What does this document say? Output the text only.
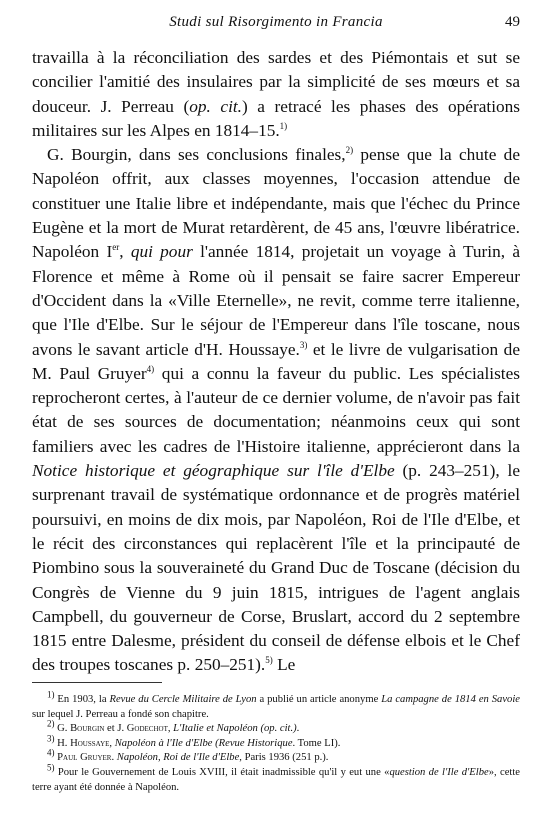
Studi sul Risorgimento in Francia	49

travailla à la réconciliation des sardes et des Piémontais et sut se concilier l'amitié des insulaires par la simplicité de ses mœurs et sa douceur. J. Perreau (op. cit.) a retracé les phases des opérations militaires sur les Alpes en 1814–15.$^{1)}$

G. Bourgin, dans ses conclusions finales,$^{2)}$ pense que la chute de Napoléon offrit, aux classes moyennes, l'occasion attendue de constituer une Italie libre et indépendante, mais que l'échec du Prince Eugène et la mort de Murat retardèrent, de 45 ans, l'œuvre libératrice. Napoléon Ier, qui pour l'année 1814, projetait un voyage à Turin, à Florence et même à Rome où il pensait se faire sacrer Empereur d'Occident dans la «Ville Eternelle», ne revit, comme terre italienne, que l'Ile d'Elbe. Sur le séjour de l'Empereur dans l'île toscane, nous avons le savant article d'H. Houssaye.$^{3)}$ et le livre de vulgarisation de M. Paul Gruyer$^{4)}$ qui a connu la faveur du public. Les spécialistes reprocheront certes, à l'auteur de ce dernier volume, de n'avoir pas fait état de ses sources de documentation; néanmoins ceux qui sont familiers avec les cadres de l'Histoire italienne, apprécieront dans la Notice historique et géographique sur l'île d'Elbe (p. 243–251), le surprenant travail de systématique ordonnance et de progrès matériel poursuivi, en moins de dix mois, par Napoléon, Roi de l'Ile d'Elbe, et le récit des circonstances qui replacèrent l'île et la principauté de Piombino sous la souveraineté du Grand Duc de Toscane (décision du Congrès de Vienne du 9 juin 1815, intrigues de l'agent anglais Campbell, du gouverneur de Corse, Bruslart, accord du 2 septembre 1815 entre Dalesme, président du conseil de défense elbois et le Chef des troupes toscanes p. 250–251).$^{5)}$ Le

$^{1)}$ En 1903, la Revue du Cercle Militaire de Lyon a publié un article anonyme La campagne de 1814 en Savoie sur lequel J. Perreau a fondé son chapitre.

$^{2)}$ G. Bourgin et J. Godechot, L'Italie et Napoléon (op. cit.).

$^{3)}$ H. Houssaye, Napoléon à l'Ile d'Elbe (Revue Historique. Tome LI).

$^{4)}$ Paul Gruyer. Napoléon, Roi de l'Ile d'Elbe, Paris 1936 (251 p.).

$^{5)}$ Pour le Gouvernement de Louis XVIII, il était inadmissible qu'il y eut une «question de l'Ile d'Elbe», cette terre ayant été donnée à Napoléon.
